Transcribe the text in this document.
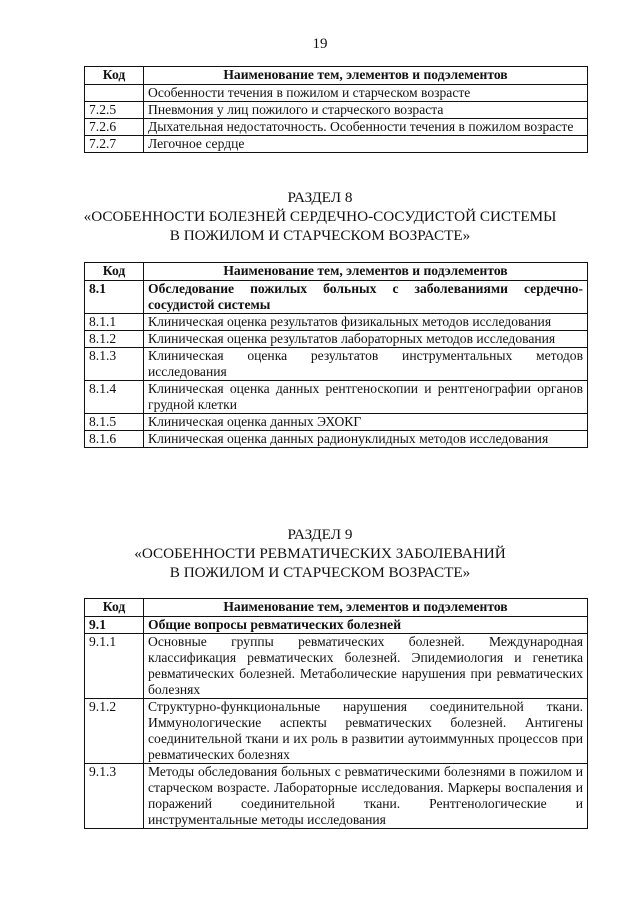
19
Код	Наименование тем, элементов и подэлементов
	Особенности течения в пожилом и старческом возрасте
7.2.5	Пневмония у лиц пожилого и старческого возраста
7.2.6	Дыхательная недостаточность. Особенности течения в пожилом возрасте
7.2.7	Легочное сердце
РАЗДЕЛ 8
«ОСОБЕННОСТИ БОЛЕЗНЕЙ СЕРДЕЧНО-СОСУДИСТОЙ СИСТЕМЫ
В ПОЖИЛОМ И СТАРЧЕСКОМ ВОЗРАСТЕ»
Код	Наименование тем, элементов и подэлементов
8.1	Обследование пожилых больных с заболеваниями сердечно-сосудистой системы
8.1.1	Клиническая оценка результатов физикальных методов исследования
8.1.2	Клиническая оценка результатов лабораторных методов исследования
8.1.3	Клиническая оценка результатов инструментальных методов исследования
8.1.4	Клиническая оценка данных рентгеноскопии и рентгенографии органов грудной клетки
8.1.5	Клиническая оценка данных ЭХОКГ
8.1.6	Клиническая оценка данных радионуклидных методов исследования
РАЗДЕЛ 9
«ОСОБЕННОСТИ РЕВМАТИЧЕСКИХ ЗАБОЛЕВАНИЙ
В ПОЖИЛОМ И СТАРЧЕСКОМ ВОЗРАСТЕ»
Код	Наименование тем, элементов и подэлементов
9.1	Общие вопросы ревматических болезней
9.1.1	Основные группы ревматических болезней. Международная классификация ревматических болезней. Эпидемиология и генетика ревматических болезней. Метаболические нарушения при ревматических болезнях
9.1.2	Структурно-функциональные нарушения соединительной ткани. Иммунологические аспекты ревматических болезней. Антигены соединительной ткани и их роль в развитии аутоиммунных процессов при ревматических болезнях
9.1.3	Методы обследования больных с ревматическими болезнями в пожилом и старческом возрасте. Лабораторные исследования. Маркеры воспаления и поражений соединительной ткани. Рентгенологические и инструментальные методы исследования
